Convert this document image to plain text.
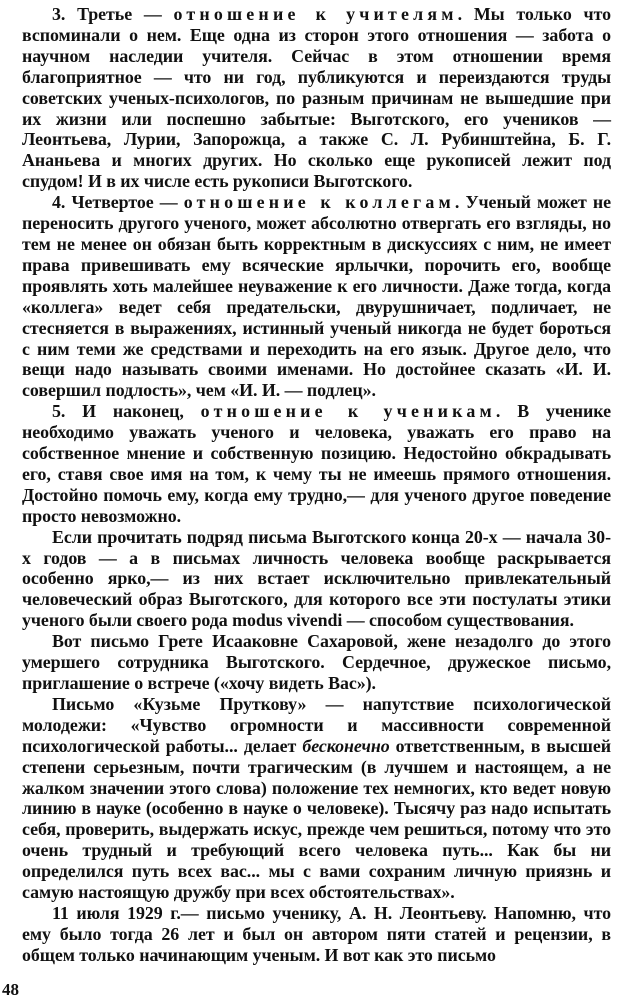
3. Третье — отношение к учителям. Мы только что вспоминали о нем. Еще одна из сторон этого отношения — забота о научном наследии учителя. Сейчас в этом отношении время благоприятное — что ни год, публикуются и переиздаются труды советских ученых-психологов, по разным причинам не вышедшие при их жизни или поспешно забытые: Выготского, его учеников — Леонтьева, Лурии, Запорожца, а также С. Л. Рубинштейна, Б. Г. Ананьева и многих других. Но сколько еще рукописей лежит под спудом! И в их числе есть рукописи Выготского.

4. Четвертое — отношение к коллегам. Ученый может не переносить другого ученого, может абсолютно отвергать его взгляды, но тем не менее он обязан быть корректным в дискуссиях с ним, не имеет права привешивать ему всяческие ярлычки, порочить его, вообще проявлять хоть малейшее неуважение к его личности. Даже тогда, когда «коллега» ведет себя предательски, двурушничает, подличает, не стесняется в выражениях, истинный ученый никогда не будет бороться с ним теми же средствами и переходить на его язык. Другое дело, что вещи надо называть своими именами. Но достойнее сказать «И. И. совершил подлость», чем «И. И. — подлец».

5. И наконец, отношение к ученикам. В ученике необходимо уважать ученого и человека, уважать его право на собственное мнение и собственную позицию. Недостойно обкрадывать его, ставя свое имя на том, к чему ты не имеешь прямого отношения. Достойно помочь ему, когда ему трудно,— для ученого другое поведение просто невозможно.

Если прочитать подряд письма Выготского конца 20-х — начала 30-х годов — а в письмах личность человека вообще раскрывается особенно ярко,— из них встает исключительно привлекательный человеческий образ Выготского, для которого все эти постулаты этики ученого были своего рода modus vivendi — способом существования.

Вот письмо Грете Исааковне Сахаровой, жене незадолго до этого умершего сотрудника Выготского. Сердечное, дружеское письмо, приглашение о встрече («хочу видеть Вас»).

Письмо «Кузьме Пруткову» — напутствие психологической молодежи: «Чувство огромности и массивности современной психологической работы... делает бесконечно ответственным, в высшей степени серьезным, почти трагическим (в лучшем и настоящем, а не жалком значении этого слова) положение тех немногих, кто ведет новую линию в науке (особенно в науке о человеке). Тысячу раз надо испытать себя, проверить, выдержать искус, прежде чем решиться, потому что это очень трудный и требующий всего человека путь... Как бы ни определился путь всех вас... мы с вами сохраним личную приязнь и самую настоящую дружбу при всех обстоятельствах».

11 июля 1929 г.— письмо ученику, А. Н. Леонтьеву. Напомню, что ему было тогда 26 лет и был он автором пяти статей и рецензии, в общем только начинающим ученым. И вот как это письмо

48
